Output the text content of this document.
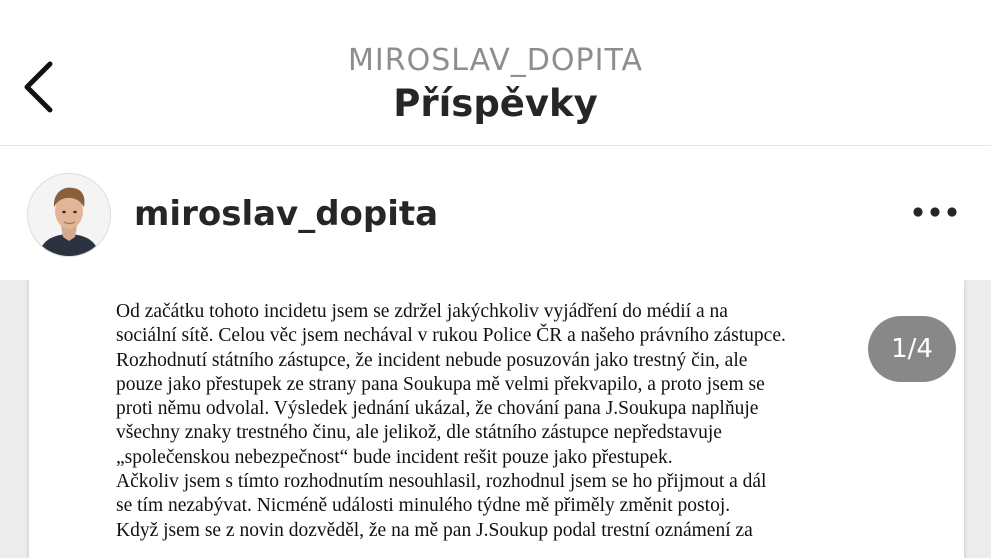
MIROSLAV_DOPITA
Příspěvky
miroslav_dopita
Od začátku tohoto incidetu jsem se zdržel jakýchkoliv vyjádření do médií a na
sociální sítě. Celou věc jsem nechával v rukou Police ČR a našeho právního zástupce.
Rozhodnutí státního zástupce, že incident nebude posuzován jako trestný čin, ale
pouze jako přestupek ze strany pana Soukupa mě velmi překvapilo, a proto jsem se
proti němu odvolal. Výsledek jednání ukázal, že chování pana J.Soukupa naplňuje
všechny znaky trestného činu, ale jelikož, dle státního zástupce nepředstavuje
„společenskou nebezpečnost“ bude incident rešit pouze jako přestupek.
Ačkoliv jsem s tímto rozhodnutím nesouhlasil, rozhodnul jsem se ho přijmout a dál
se tím nezabývat. Nicméně události minulého týdne mě přiměly změnit postoj.
Když jsem se z novin dozvěděl, že na mě pan J.Soukup podal trestní oznámení za
1/4
